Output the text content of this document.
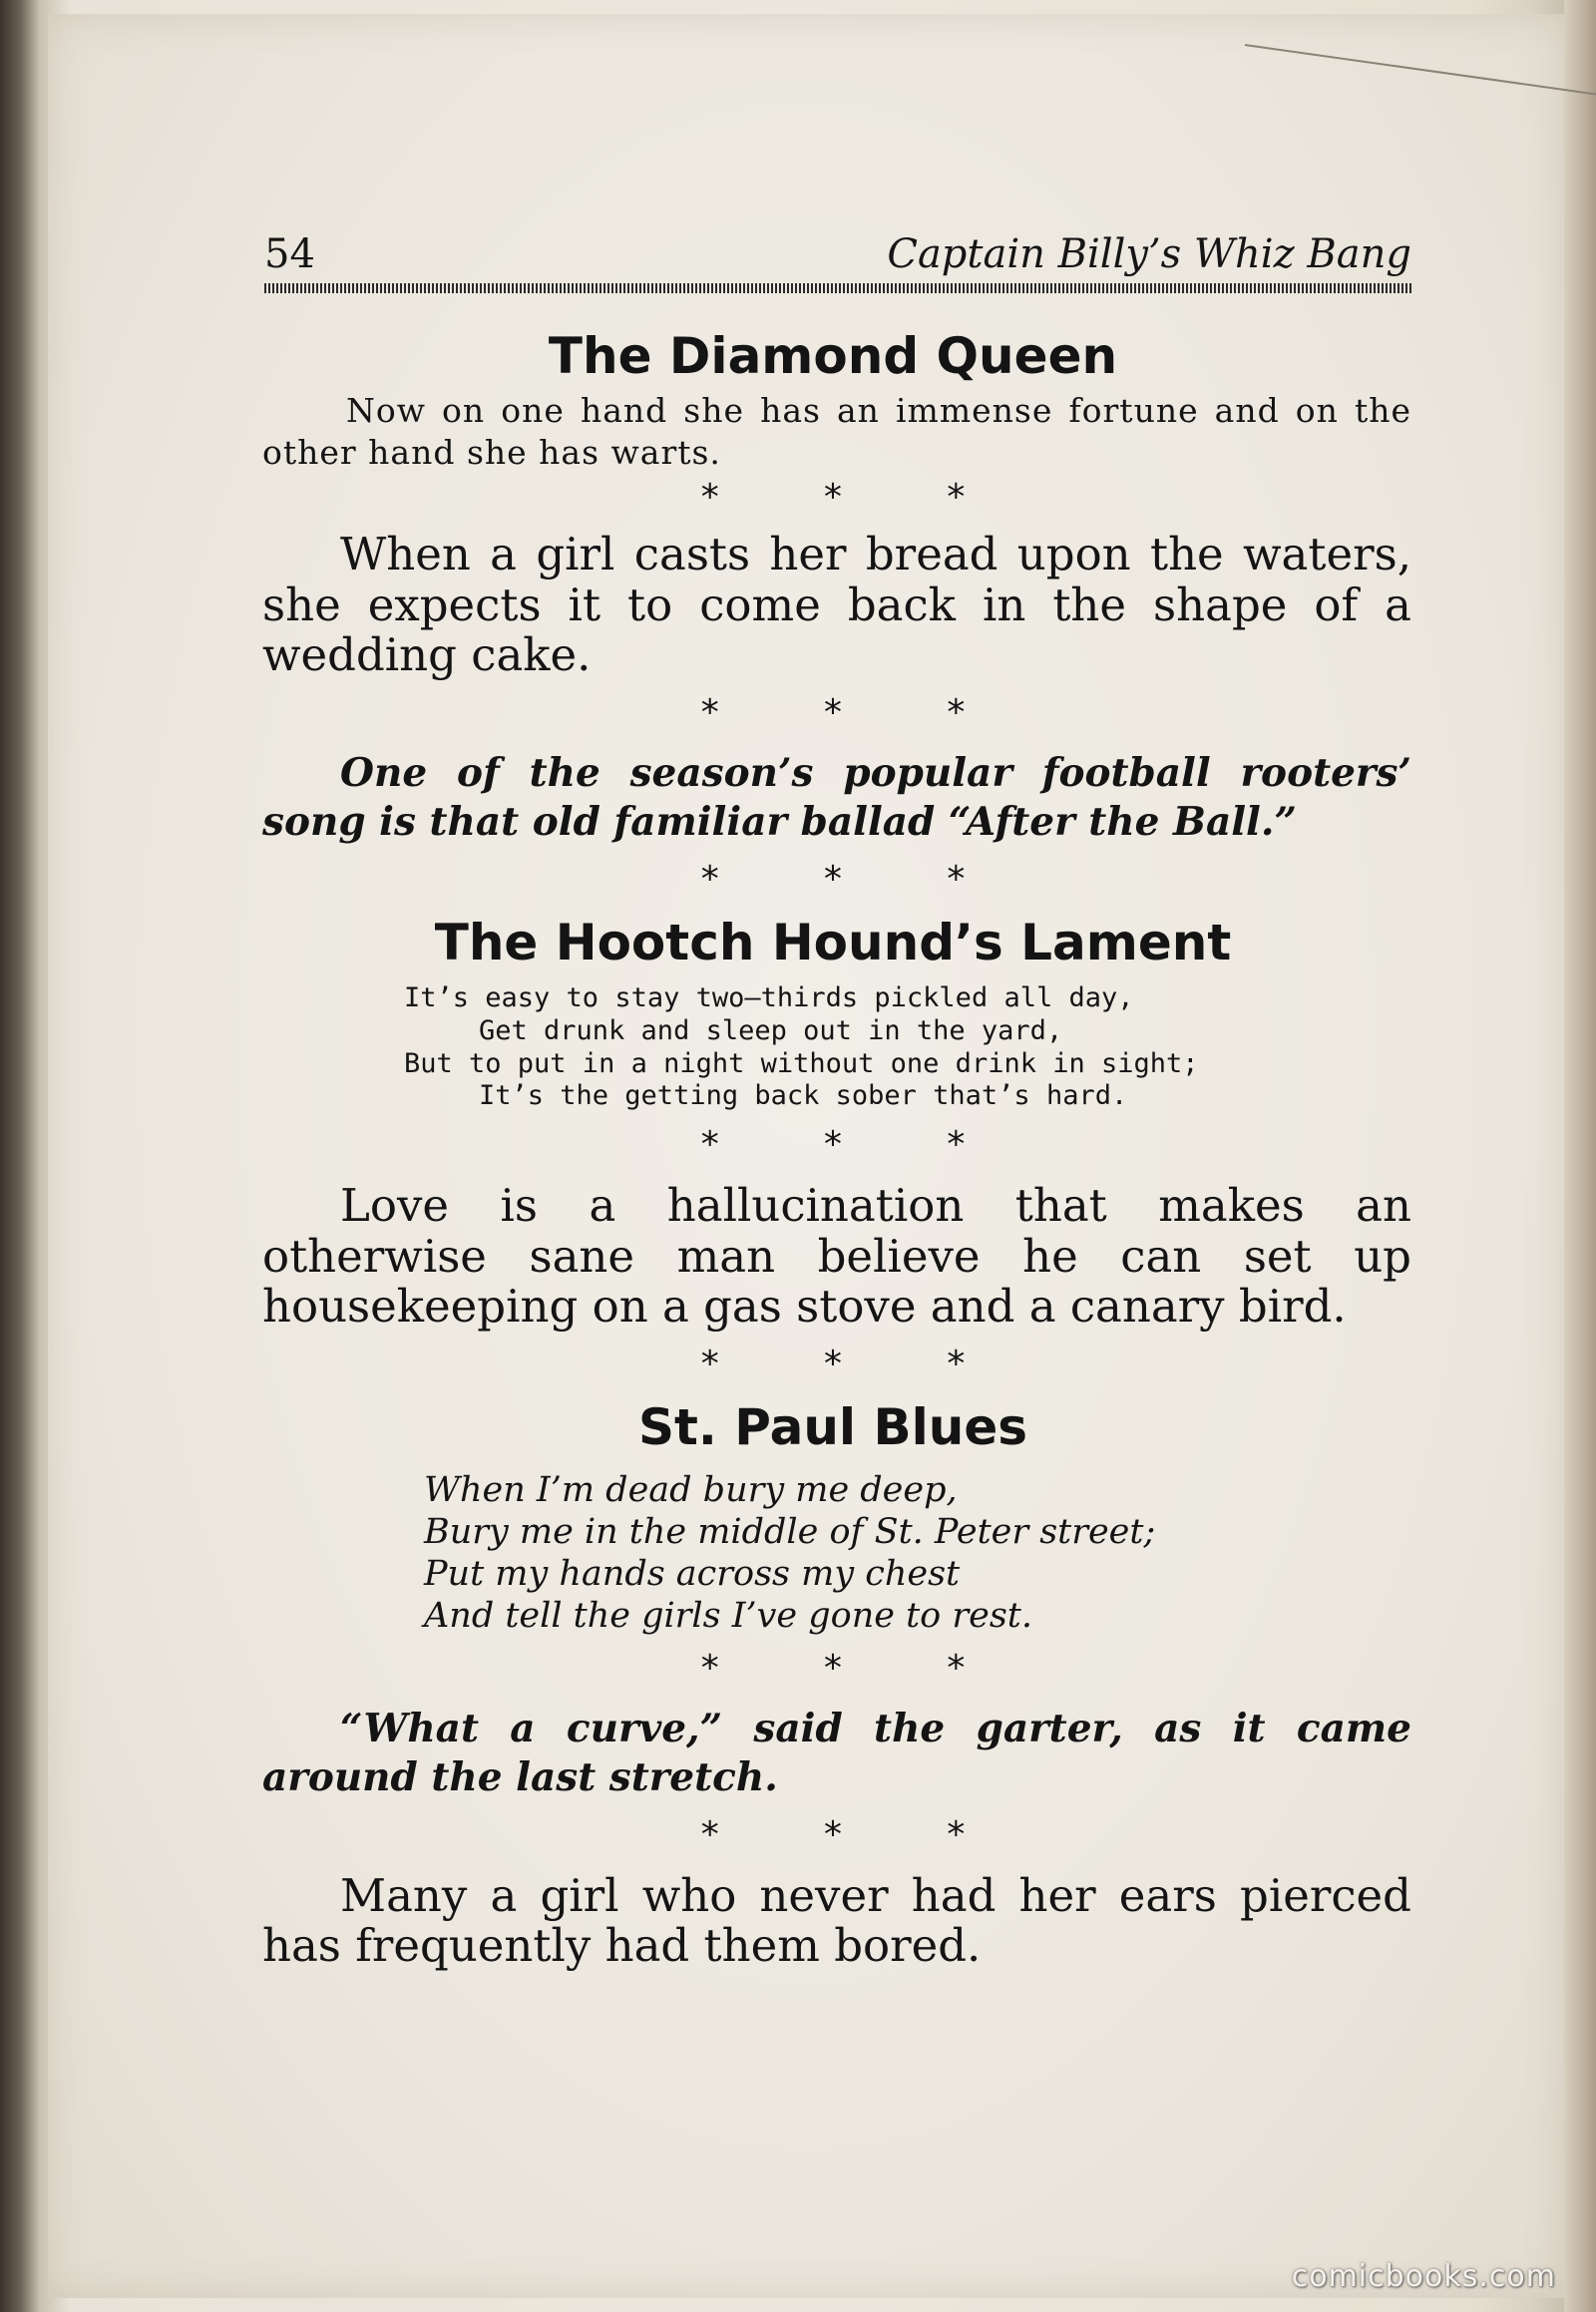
54	Captain Billy’s Whiz Bang
The Diamond Queen

Now on one hand she has an immense fortune and on the other hand she has warts.

* * *

When a girl casts her bread upon the waters, she expects it to come back in the shape of a wedding cake.

* * *

One of the season’s popular football rooters’ song is that old familiar ballad “After the Ball.”

* * *
The Hootch Hound’s Lament
It’s easy to stay two–thirds pickled all day,
Get drunk and sleep out in the yard,
But to put in a night without one drink in sight;
It’s the getting back sober that’s hard.
* * *

Love is a hallucination that makes an otherwise sane man believe he can set up housekeeping on a gas stove and a canary bird.

* * *
St. Paul Blues
When I’m dead bury me deep,
Bury me in the middle of St. Peter street;
Put my hands across my chest
And tell the girls I’ve gone to rest.
* * *

“What a curve,” said the garter, as it came around the last stretch.

* * *

Many a girl who never had her ears pierced has frequently had them bored.

comicbooks.com
